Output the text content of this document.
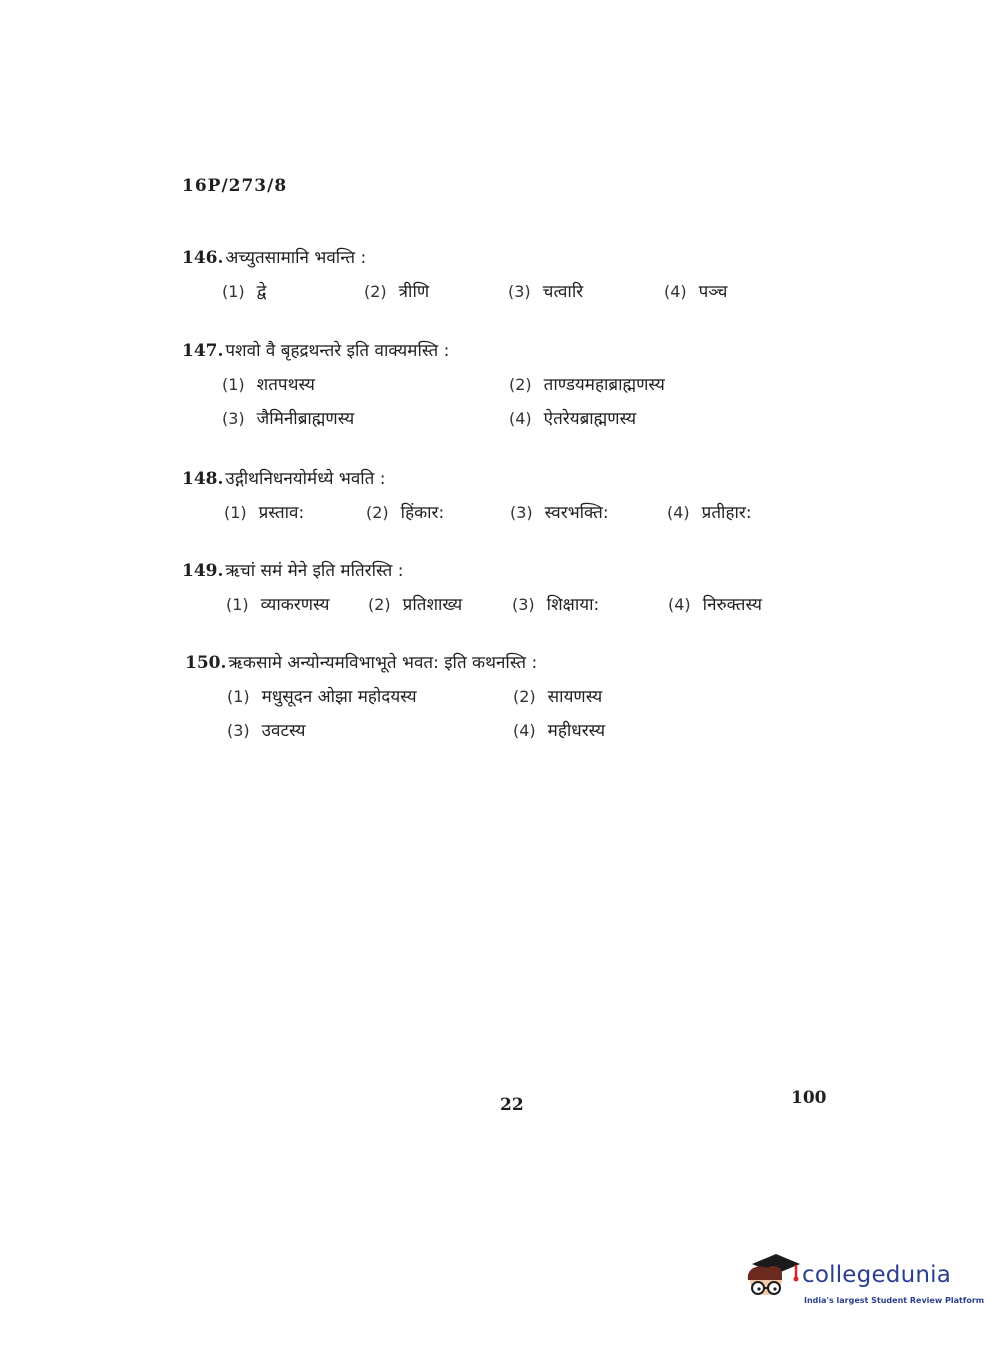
16P/273/8
146. अच्युतसामानि भवन्ति :
(1) द्वे	(2) त्रीणि	(3) चत्वारि	(4) पञ्च
147. पशवो वै बृहद्रथन्तरे इति वाक्यमस्ति :
(1) शतपथस्य	(2) ताण्डयमहाब्राह्मणस्य
(3) जैमिनीब्राह्मणस्य	(4) ऐतरेयब्राह्मणस्य
148. उद्गीथनिधनयोर्मध्ये भवति :
(1) प्रस्ताव:	(2) हिंकार:	(3) स्वरभक्ति:	(4) प्रतीहार:
149. ऋचां समं मेने इति मतिरस्ति :
(1) व्याकरणस्य (2) प्रतिशाख्य	(3) शिक्षाया:	(4) निरुक्तस्य
150. ऋकसामे अन्योन्यमविभाभूते भवत: इति कथनस्ति :
(1) मधुसूदन ओझा महोदयस्य	(2) सायणस्य
(3) उवटस्य	(4) महीधरस्य
22	100
collegedunia
India's largest Student Review Platform
